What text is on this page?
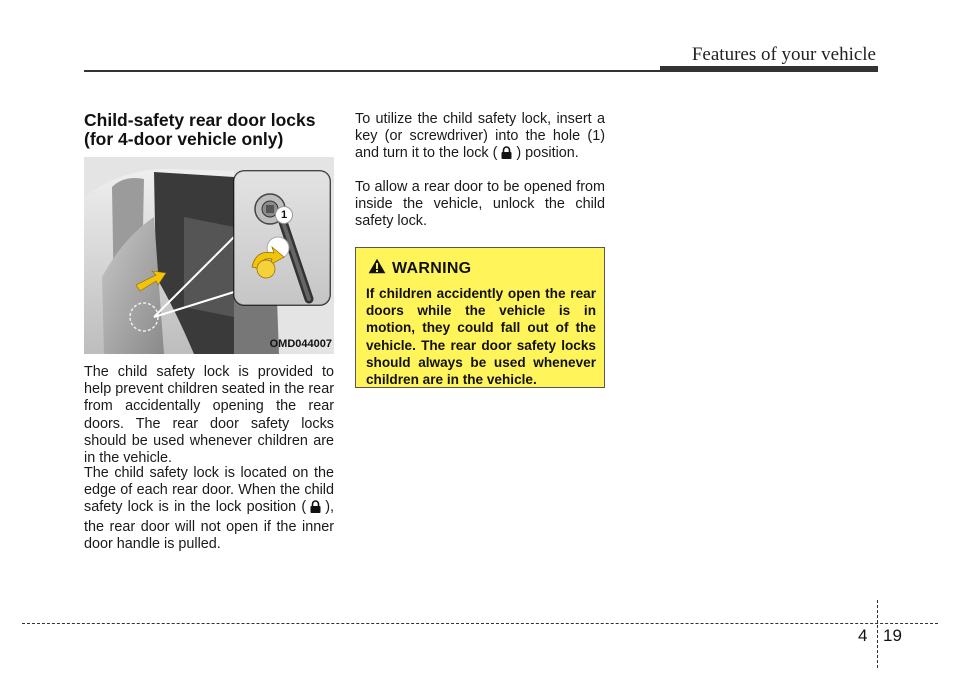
Features of your vehicle
Child-safety rear door locks
(for 4-door vehicle only)
1
OMD044007

The child safety lock is provided to help prevent children seated in the rear from accidentally opening the rear doors. The rear door safety locks should be used whenever children are in the vehicle.

The child safety lock is located on the edge of each rear door. When the child safety lock is in the lock position ( ), the rear door will not open if the inner door handle is pulled.

To utilize the child safety lock, insert a key (or screwdriver) into the hole (1) and turn it to the lock ( ) position.

To allow a rear door to be opened from inside the vehicle, unlock the child safety lock.

WARNING

If children accidently open the rear doors while the vehicle is in motion, they could fall out of the vehicle. The rear door safety locks should always be used whenever children are in the vehicle.

4 19
